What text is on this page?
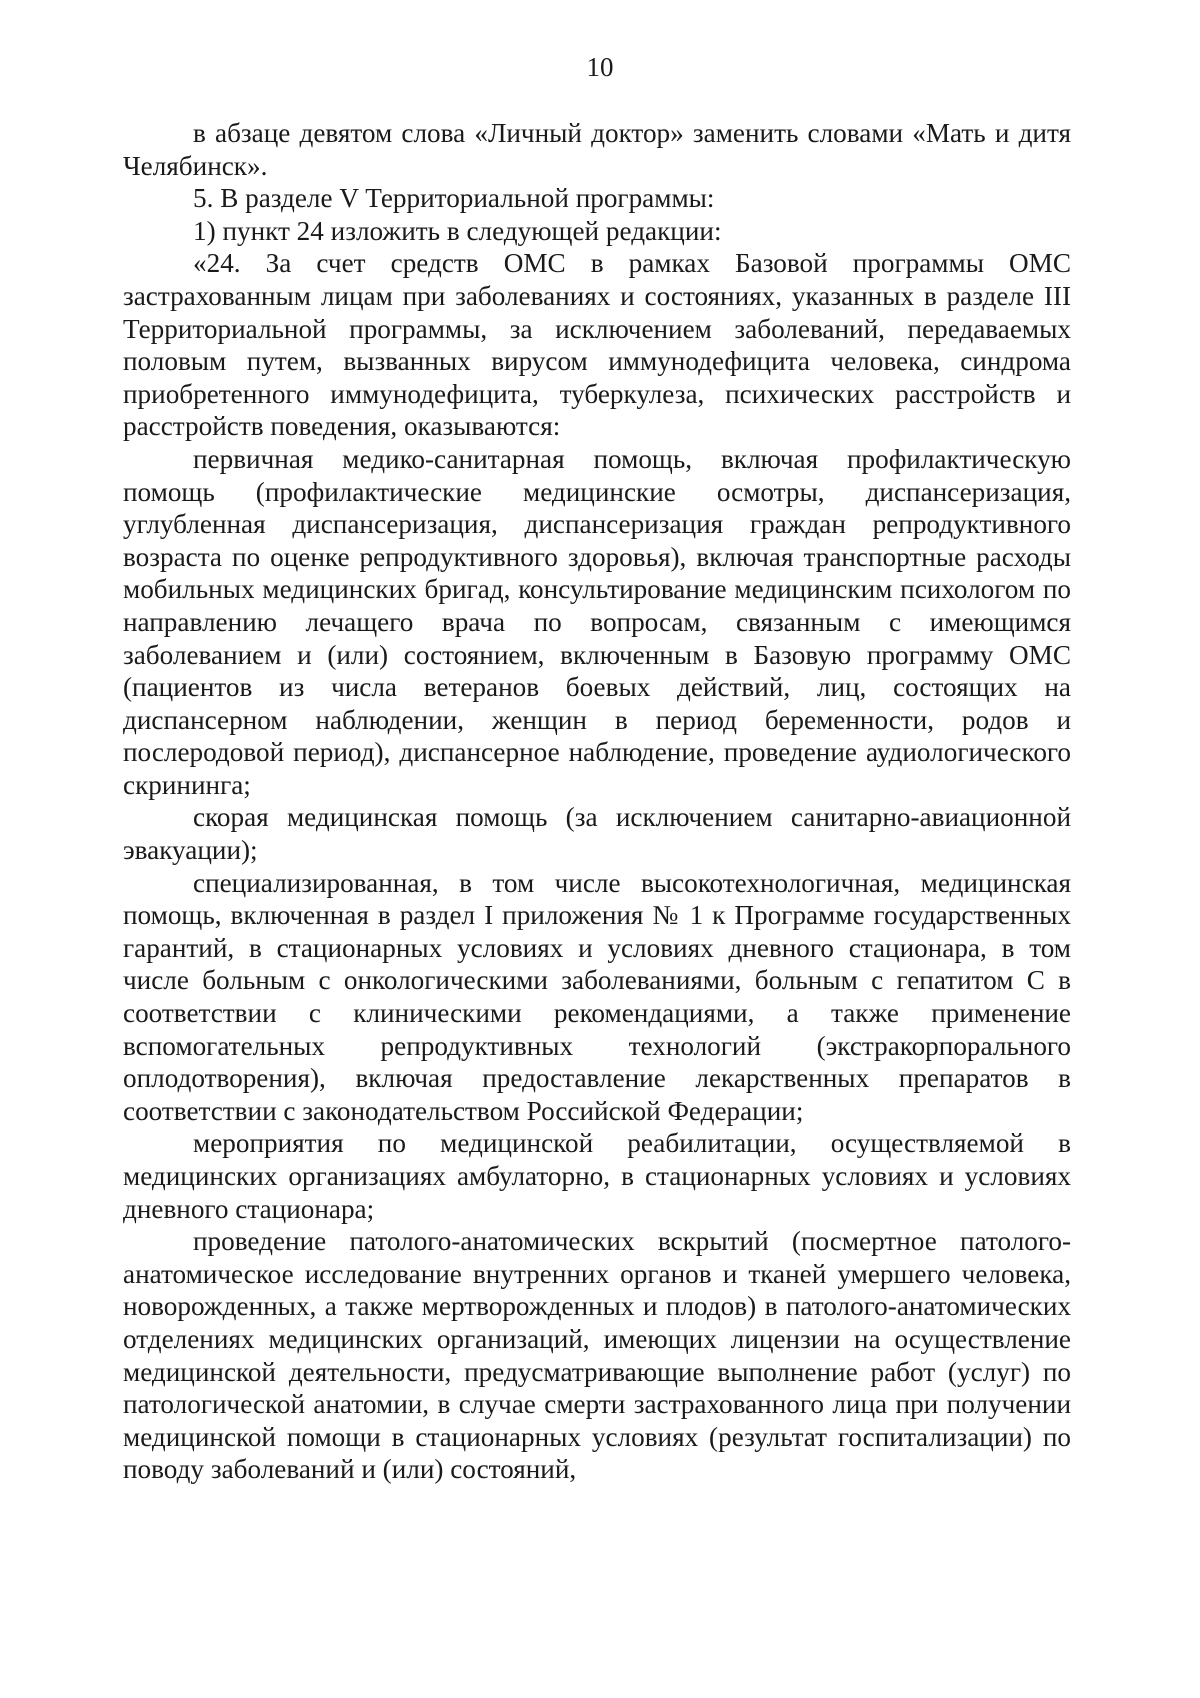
10

в абзаце девятом слова «Личный доктор» заменить словами «Мать и дитя Челябинск».

5. В разделе V Территориальной программы:

1) пункт 24 изложить в следующей редакции:

«24. За счет средств ОМС в рамках Базовой программы ОМС застрахованным лицам при заболеваниях и состояниях, указанных в разделе III Территориальной программы, за исключением заболеваний, передаваемых половым путем, вызванных вирусом иммунодефицита человека, синдрома приобретенного иммунодефицита, туберкулеза, психических расстройств и расстройств поведения, оказываются:

первичная медико-санитарная помощь, включая профилактическую помощь (профилактические медицинские осмотры, диспансеризация, углубленная диспансеризация, диспансеризация граждан репродуктивного возраста по оценке репродуктивного здоровья), включая транспортные расходы мобильных медицинских бригад, консультирование медицинским психологом по направлению лечащего врача по вопросам, связанным с имеющимся заболеванием и (или) состоянием, включенным в Базовую программу ОМС (пациентов из числа ветеранов боевых действий, лиц, состоящих на диспансерном наблюдении, женщин в период беременности, родов и послеродовой период), диспансерное наблюдение, проведение аудиологического скрининга;

скорая медицинская помощь (за исключением санитарно-авиационной эвакуации);

специализированная, в том числе высокотехнологичная, медицинская помощь, включенная в раздел I приложения № 1 к Программе государственных гарантий, в стационарных условиях и условиях дневного стационара, в том числе больным с онкологическими заболеваниями, больным с гепатитом С в соответствии с клиническими рекомендациями, а также применение вспомогательных репродуктивных технологий (экстракорпорального оплодотворения), включая предоставление лекарственных препаратов в соответствии с законодательством Российской Федерации;

мероприятия по медицинской реабилитации, осуществляемой в медицинских организациях амбулаторно, в стационарных условиях и условиях дневного стационара;

проведение патолого-анатомических вскрытий (посмертное патолого-анатомическое исследование внутренних органов и тканей умершего человека, новорожденных, а также мертворожденных и плодов) в патолого-анатомических отделениях медицинских организаций, имеющих лицензии на осуществление медицинской деятельности, предусматривающие выполнение работ (услуг) по патологической анатомии, в случае смерти застрахованного лица при получении медицинской помощи в стационарных условиях (результат госпитализации) по поводу заболеваний и (или) состояний,
